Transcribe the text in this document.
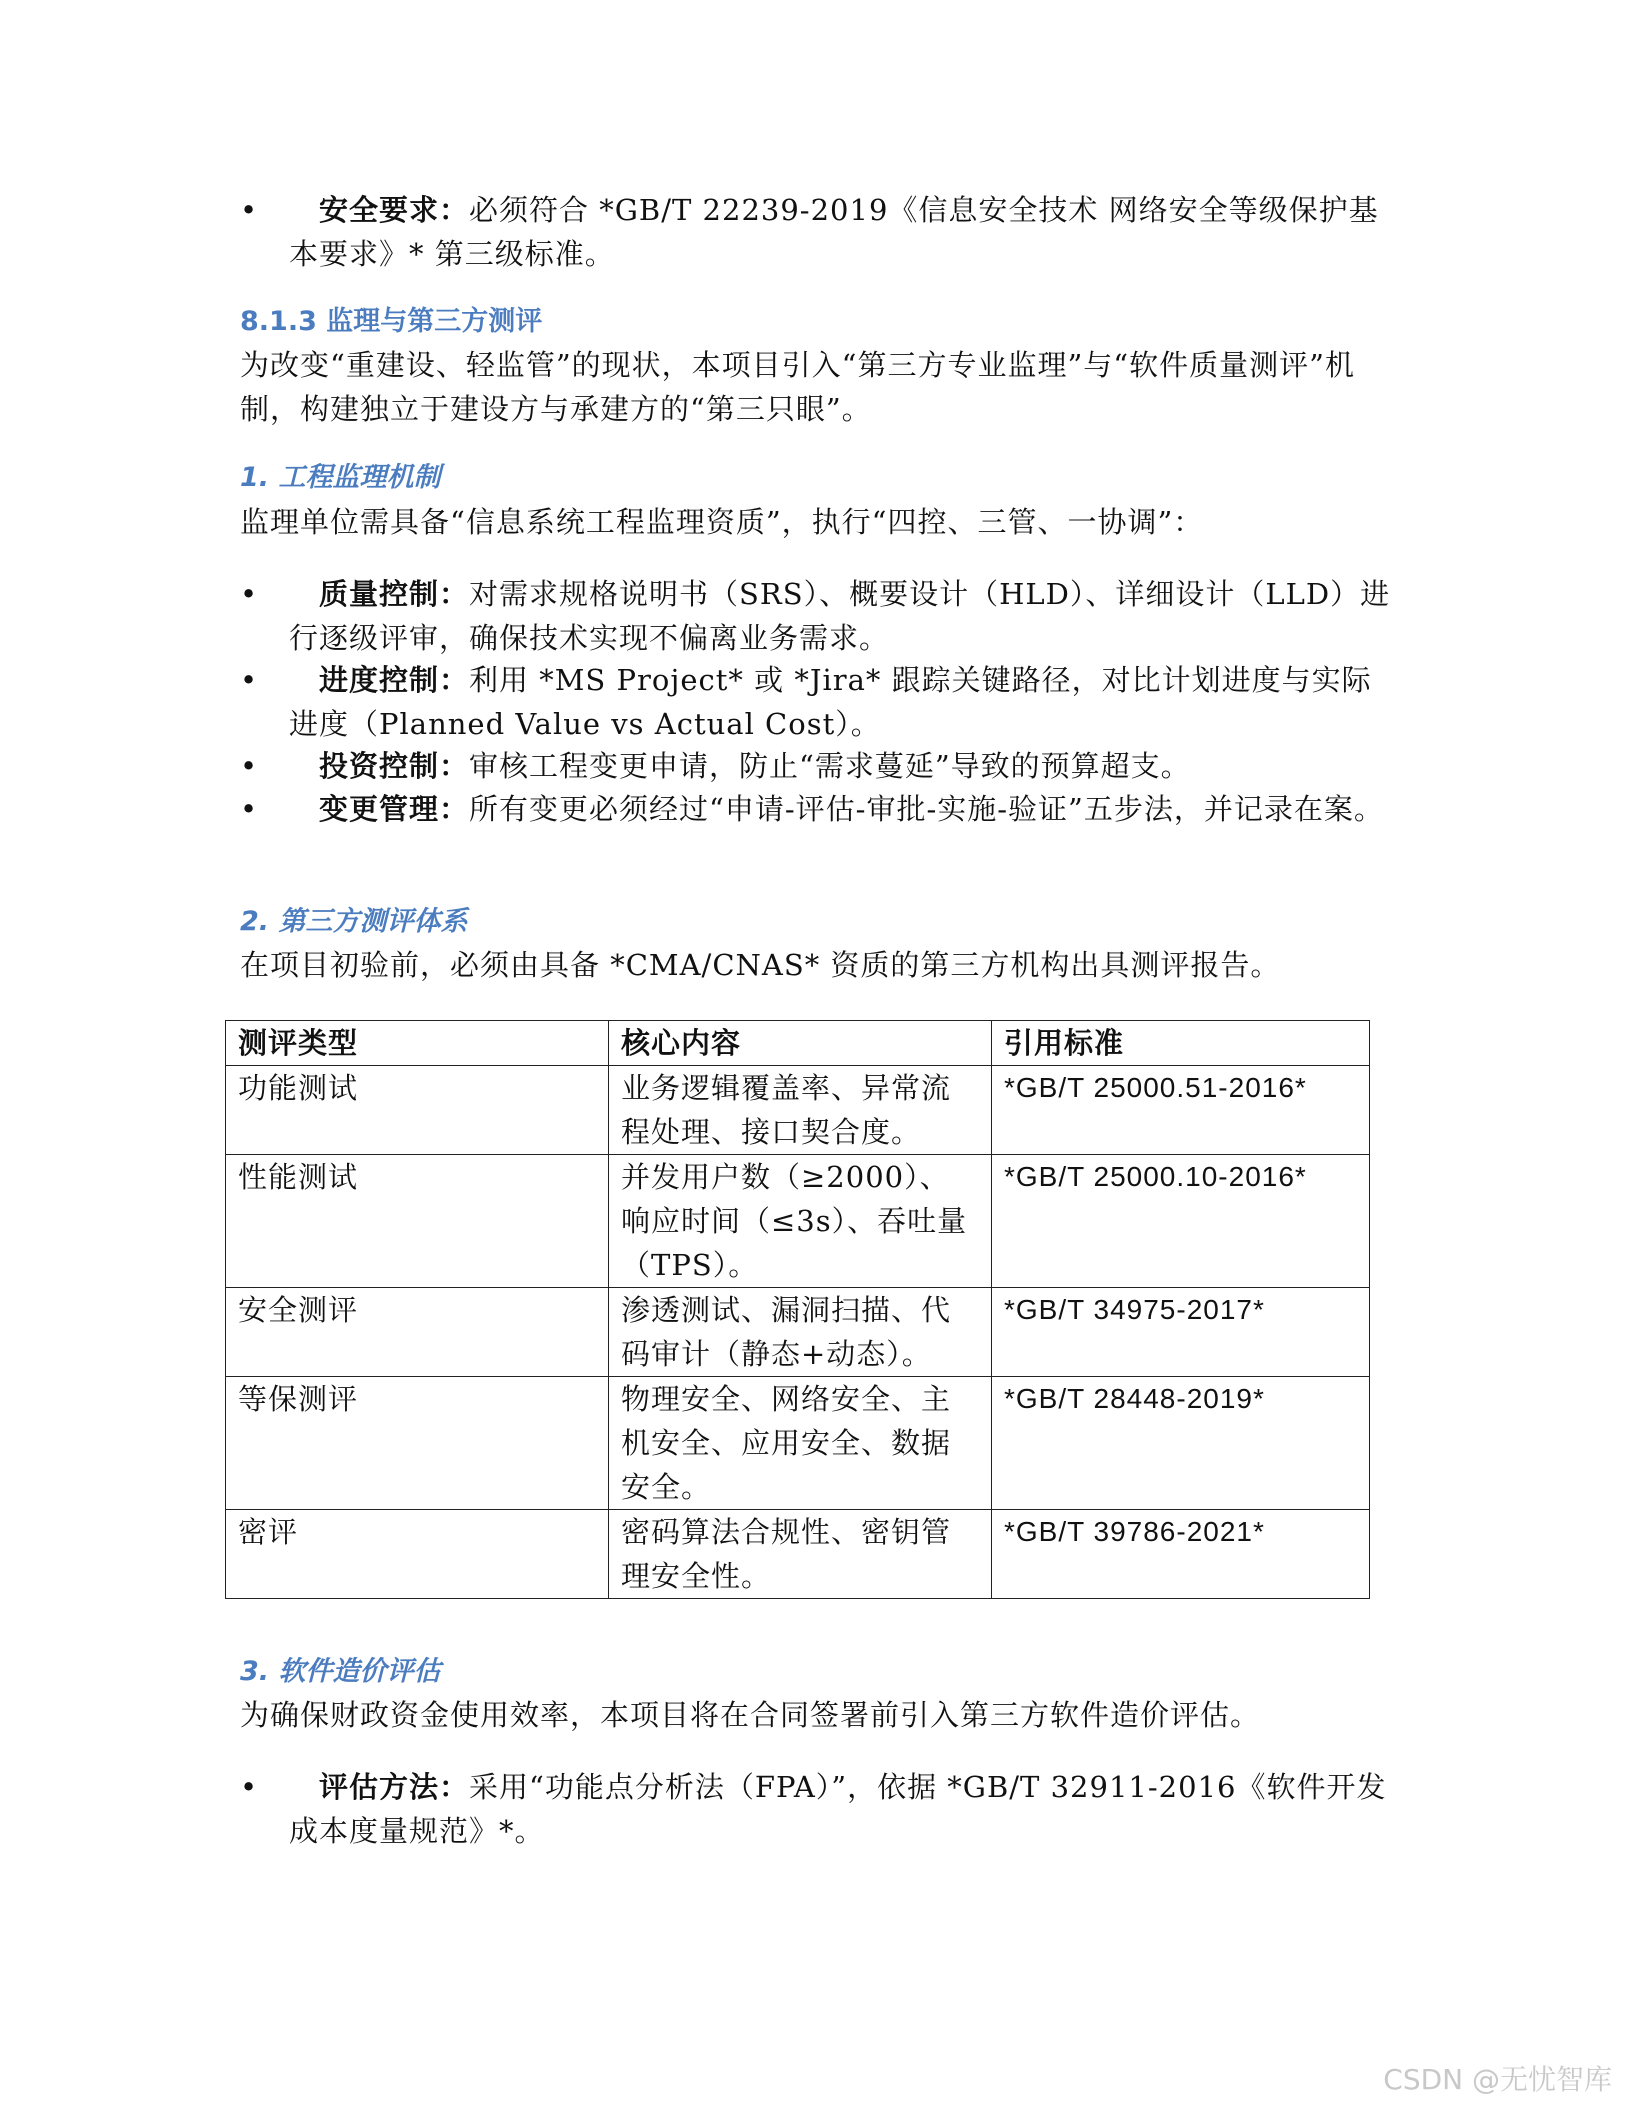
•	安全要求：必须符合 *GB/T 22239-2019《信息安全技术 网络安全等级保护基本要求》* 第三级标准。
8.1.3 监理与第三方测评

为改变“重建设、轻监管”的现状，本项目引入“第三方专业监理”与“软件质量测评”机制，构建独立于建设方与承建方的“第三只眼”。

1. 工程监理机制

监理单位需具备“信息系统工程监理资质”，执行“四控、三管、一协调”：

•	质量控制：对需求规格说明书（SRS）、概要设计（HLD）、详细设计（LLD）进行逐级评审，确保技术实现不偏离业务需求。
•	进度控制：利用 *MS Project* 或 *Jira* 跟踪关键路径，对比计划进度与实际进度（Planned Value vs Actual Cost）。
•	投资控制：审核工程变更申请，防止“需求蔓延”导致的预算超支。
•	变更管理：所有变更必须经过“申请-评估-审批-实施-验证”五步法，并记录在案。
2. 第三方测评体系

在项目初验前，必须由具备 *CMA/CNAS* 资质的第三方机构出具测评报告。

测评类型	核心内容	引用标准
功能测试	业务逻辑覆盖率、异常流程处理、接口契合度。	*GB/T 25000.51-2016*
性能测试	并发用户数（≥2000）、响应时间（≤3s）、吞吐量（TPS）。	*GB/T 25000.10-2016*
安全测评	渗透测试、漏洞扫描、代码审计（静态+动态）。	*GB/T 34975-2017*
等保测评	物理安全、网络安全、主机安全、应用安全、数据安全。	*GB/T 28448-2019*
密评	密码算法合规性、密钥管理安全性。	*GB/T 39786-2021*
3. 软件造价评估

为确保财政资金使用效率，本项目将在合同签署前引入第三方软件造价评估。

•	评估方法：采用“功能点分析法（FPA）”，依据 *GB/T 32911-2016《软件开发成本度量规范》*。
CSDN @无忧智库
